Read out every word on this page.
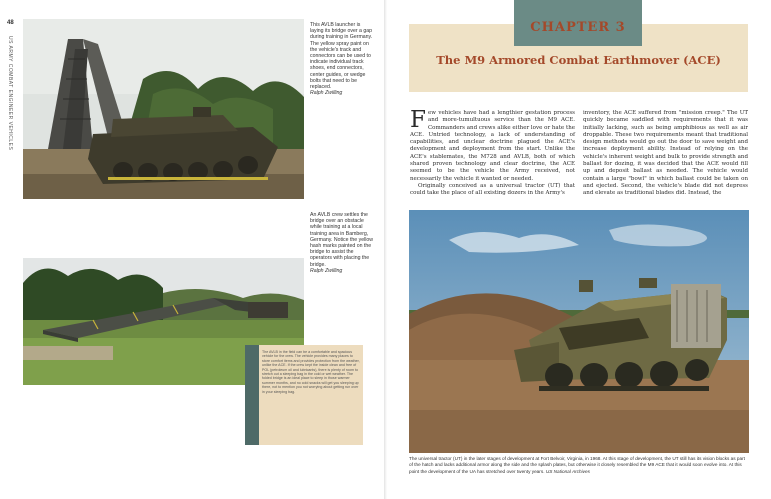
48
US ARMY COMBAT ENGINEER VEHICLES
This AVLB launcher is laying its bridge over a gap during training in Germany. The yellow spray paint on the vehicle's track and connectors can be used to indicate individual track shoes, end connectors, center guides, or wedge bolts that need to be replaced.
Ralph Zwilling
An AVLB crew settles the bridge over an obstacle while training at a local training area in Bamberg, Germany. Notice the yellow hash marks painted on the bridge to assist the operators with placing the bridge.
Ralph Zwilling
The AVLB in the field can be a comfortable and spacious vehicle for the crew. The vehicle provides many places to store comfort items and provides protection from the weather, unlike the ACE. If the crew kept the inside clean and free of POL (petroleum oil and lubricants), there is plenty of room to stretch out a sleeping bag in the cold or wet weather. The folded bridge is an ideal place to sleep in those warmer summer months, and no cold snacks will get you sleeping up there, not to mention you not worrying about getting run over in your sleeping bag.
CHAPTER 3
The M9 Armored Combat Earthmover (ACE)

Few vehicles have had a lengthier gestation process and more-tumultuous service than the M9 ACE. Commanders and crews alike either love or hate the ACE. Untried technology, a lack of understanding of capabilities, and unclear doctrine plagued the ACE's development and deployment from the start. Unlike the ACE's stablemates, the M728 and AVLB, both of which shared proven technology and clear doctrine, the ACE seemed to be the vehicle the Army received, not necessarily the vehicle it wanted or needed.

Originally conceived as a universal tractor (UT) that could take the place of all existing dozers in the Army's

inventory, the ACE suffered from "mission creep." The UT quickly became saddled with requirements that it was initially lacking, such as being amphibious as well as air droppable. These two requirements meant that traditional design methods would go out the door to save weight and increase deployment ability. Instead of relying on the vehicle's inherent weight and bulk to provide strength and ballast for dozing, it was decided that the ACE would fill up and deposit ballast as needed. The vehicle would contain a large "bowl" in which ballast could be taken on and ejected. Second, the vehicle's blade did not depress and elevate as traditional blades did. Instead, the
The universal tractor (UT) in the later stages of development at Fort Belvoir, Virginia, in 1968. At this stage of development, the UT still has its vision blocks as part of the hatch and lacks additional armor along the side and the splash plates, but otherwise it closely resembled the M9 ACE that it would soon evolve into. At this point the development of the UA has stretched over twenty years. US National Archives
